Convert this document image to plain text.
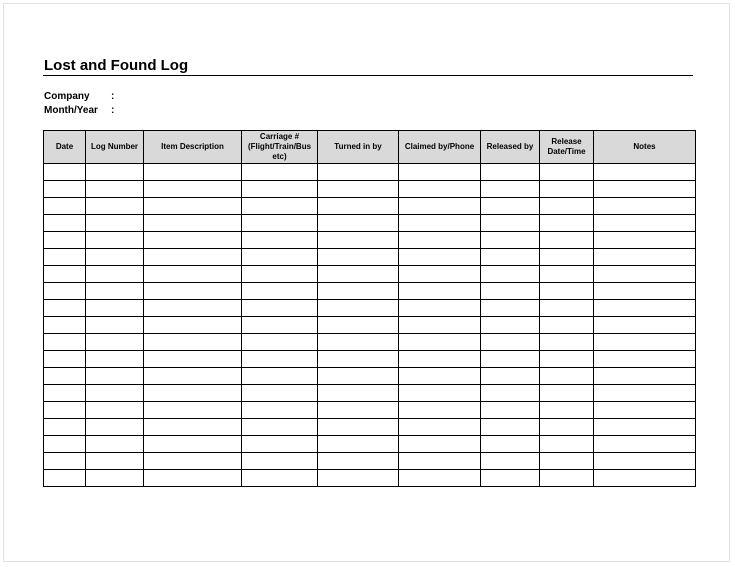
Lost and Found Log
Company :
Month/Year :
Date	Log Number	Item Description	Carriage # (Flight/Train/Bus etc)	Turned in by	Claimed by/Phone	Released by	Release Date/Time	Notes
